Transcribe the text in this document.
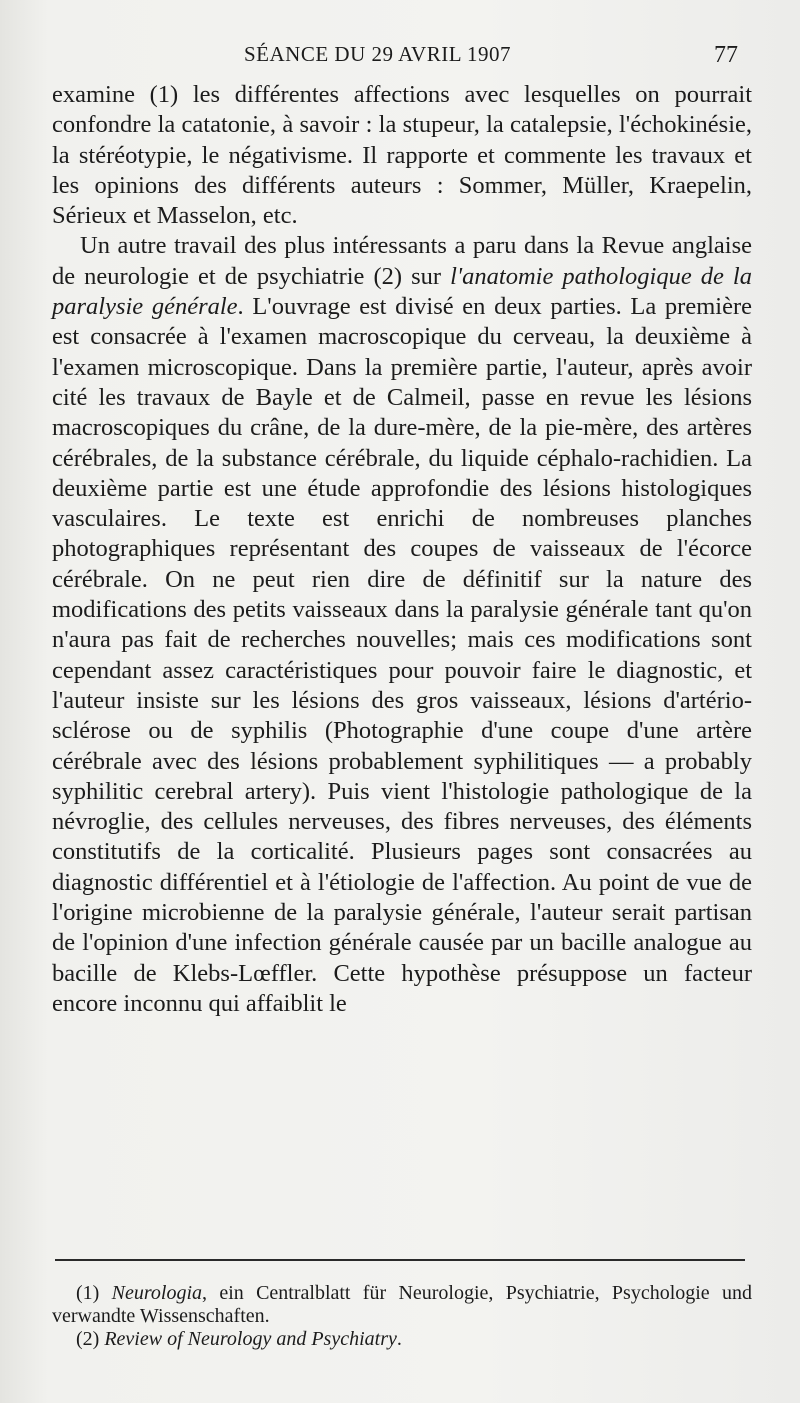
SÉANCE DU 29 AVRIL 1907	77

examine (1) les différentes affections avec lesquelles on pourrait confondre la catatonie, à savoir : la stupeur, la catalepsie, l'échokinésie, la stéréotypie, le négativisme. Il rapporte et commente les travaux et les opinions des différents auteurs : Sommer, Müller, Kraepelin, Sérieux et Masselon, etc.

Un autre travail des plus intéressants a paru dans la Revue anglaise de neurologie et de psychiatrie (2) sur l'anatomie pathologique de la paralysie générale. L'ouvrage est divisé en deux parties. La première est consacrée à l'examen macroscopique du cerveau, la deuxième à l'examen microscopique. Dans la première partie, l'auteur, après avoir cité les travaux de Bayle et de Calmeil, passe en revue les lésions macroscopiques du crâne, de la dure-mère, de la pie-mère, des artères cérébrales, de la substance cérébrale, du liquide céphalo-rachidien. La deuxième partie est une étude approfondie des lésions histologiques vasculaires. Le texte est enrichi de nombreuses planches photographiques représentant des coupes de vaisseaux de l'écorce cérébrale. On ne peut rien dire de définitif sur la nature des modifications des petits vaisseaux dans la paralysie générale tant qu'on n'aura pas fait de recherches nouvelles; mais ces modifications sont cependant assez caractéristiques pour pouvoir faire le diagnostic, et l'auteur insiste sur les lésions des gros vaisseaux, lésions d'artério-sclérose ou de syphilis (Photographie d'une coupe d'une artère cérébrale avec des lésions probablement syphilitiques — a probably syphilitic cerebral artery). Puis vient l'histologie pathologique de la névroglie, des cellules nerveuses, des fibres nerveuses, des éléments constitutifs de la corticalité. Plusieurs pages sont consacrées au diagnostic différentiel et à l'étiologie de l'affection. Au point de vue de l'origine microbienne de la paralysie générale, l'auteur serait partisan de l'opinion d'une infection générale causée par un bacille analogue au bacille de Klebs-Lœffler. Cette hypothèse présuppose un facteur encore inconnu qui affaiblit le

(1) Neurologia, ein Centralblatt für Neurologie, Psychiatrie, Psychologie und verwandte Wissenschaften.

(2) Review of Neurology and Psychiatry.
